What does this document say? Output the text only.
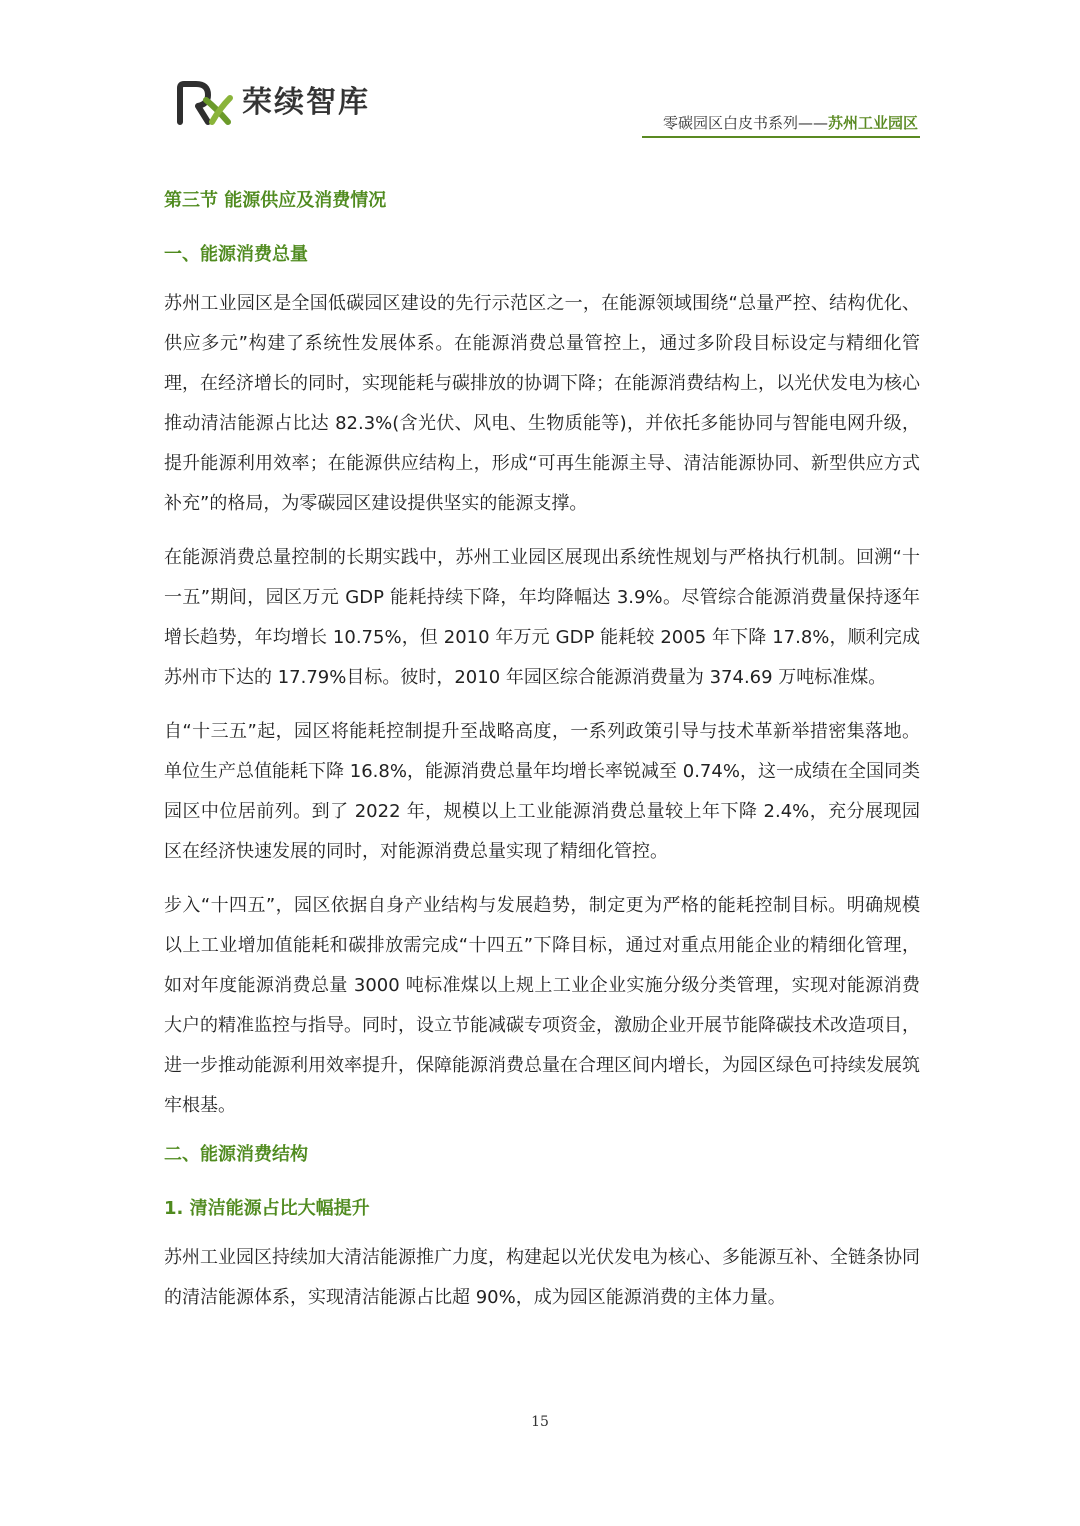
荣续智库
零碳园区白皮书系列——苏州工业园区
第三节 能源供应及消费情况
一、能源消费总量

苏州工业园区是全国低碳园区建设的先行示范区之一，在能源领域围绕“总量严控、结构优化、供应多元”构建了系统性发展体系。在能源消费总量管控上，通过多阶段目标设定与精细化管理，在经济增长的同时，实现能耗与碳排放的协调下降；在能源消费结构上，以光伏发电为核心推动清洁能源占比达 82.3%(含光伏、风电、生物质能等)，并依托多能协同与智能电网升级，提升能源利用效率；在能源供应结构上，形成“可再生能源主导、清洁能源协同、新型供应方式补充”的格局，为零碳园区建设提供坚实的能源支撑。

在能源消费总量控制的长期实践中，苏州工业园区展现出系统性规划与严格执行机制。回溯“十一五”期间，园区万元 GDP 能耗持续下降，年均降幅达 3.9%。尽管综合能源消费量保持逐年增长趋势，年均增长 10.75%，但 2010 年万元 GDP 能耗较 2005 年下降 17.8%，顺利完成苏州市下达的 17.79%目标。彼时，2010 年园区综合能源消费量为 374.69 万吨标准煤。

自“十三五”起，园区将能耗控制提升至战略高度，一系列政策引导与技术革新举措密集落地。单位生产总值能耗下降 16.8%，能源消费总量年均增长率锐减至 0.74%，这一成绩在全国同类园区中位居前列。到了 2022 年，规模以上工业能源消费总量较上年下降 2.4%，充分展现园区在经济快速发展的同时，对能源消费总量实现了精细化管控。

步入“十四五”，园区依据自身产业结构与发展趋势，制定更为严格的能耗控制目标。明确规模以上工业增加值能耗和碳排放需完成“十四五”下降目标，通过对重点用能企业的精细化管理，如对年度能源消费总量 3000 吨标准煤以上规上工业企业实施分级分类管理，实现对能源消费大户的精准监控与指导。同时，设立节能减碳专项资金，激励企业开展节能降碳技术改造项目，进一步推动能源利用效率提升，保障能源消费总量在合理区间内增长，为园区绿色可持续发展筑牢根基。

二、能源消费结构
1. 清洁能源占比大幅提升

苏州工业园区持续加大清洁能源推广力度，构建起以光伏发电为核心、多能源互补、全链条协同的清洁能源体系，实现清洁能源占比超 90%，成为园区能源消费的主体力量。

15
